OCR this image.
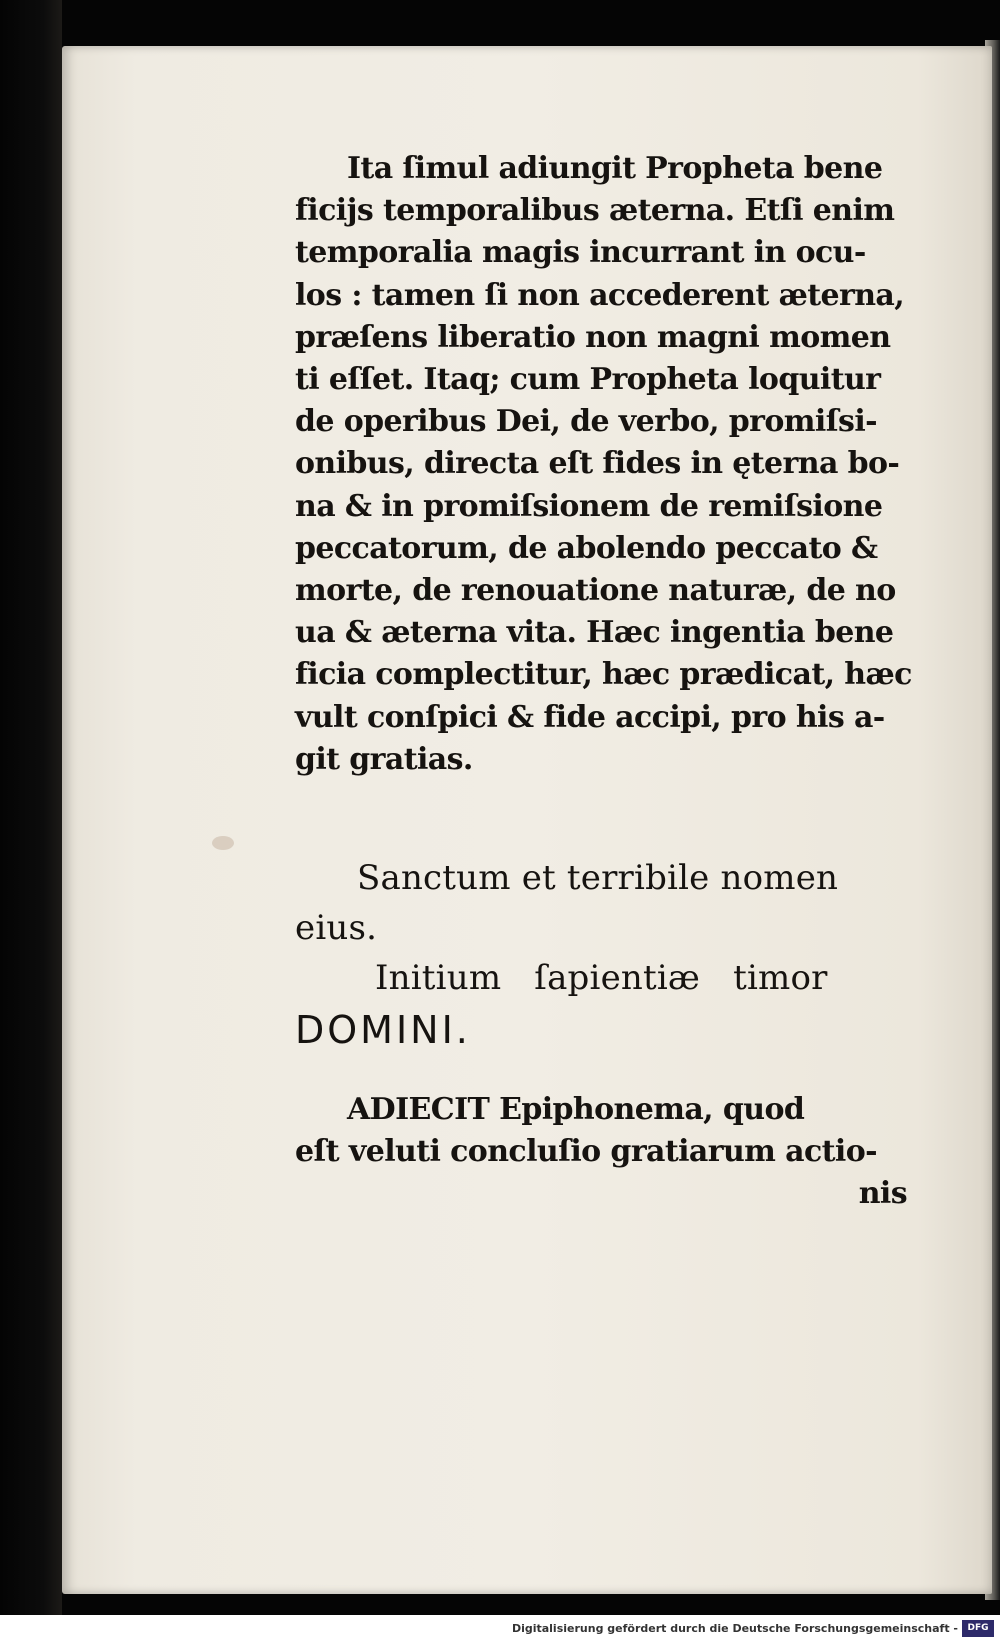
Ita ſimul adiungit Propheta bene
ficijs temporalibus æterna. Etſi enim
temporalia magis incurrant in ocu-
los : tamen ſi non accederent æterna,
præſens liberatio non magni momen
ti eſſet. Itaq; cum Propheta loquitur
de operibus Dei, de verbo, promiſsi-
onibus, directa eſt fides in ęterna bo-
na & in promiſsionem de remiſsione
peccatorum, de abolendo peccato &
morte, de renouatione naturæ, de no
ua & æterna vita. Hæc ingentia bene
ficia complectitur, hæc prædicat, hæc
vult conſpici & fide accipi, pro his a-
git gratias.
Sanctum et terribile nomen
eius.
Initium ſapientiæ timor
DOMINI.
ADIECIT Epiphonema, quod
eſt veluti concluſio gratiarum actio-
nis
Digitalisierung gefördert durch die Deutsche Forschungsgemeinschaft -	DFG
